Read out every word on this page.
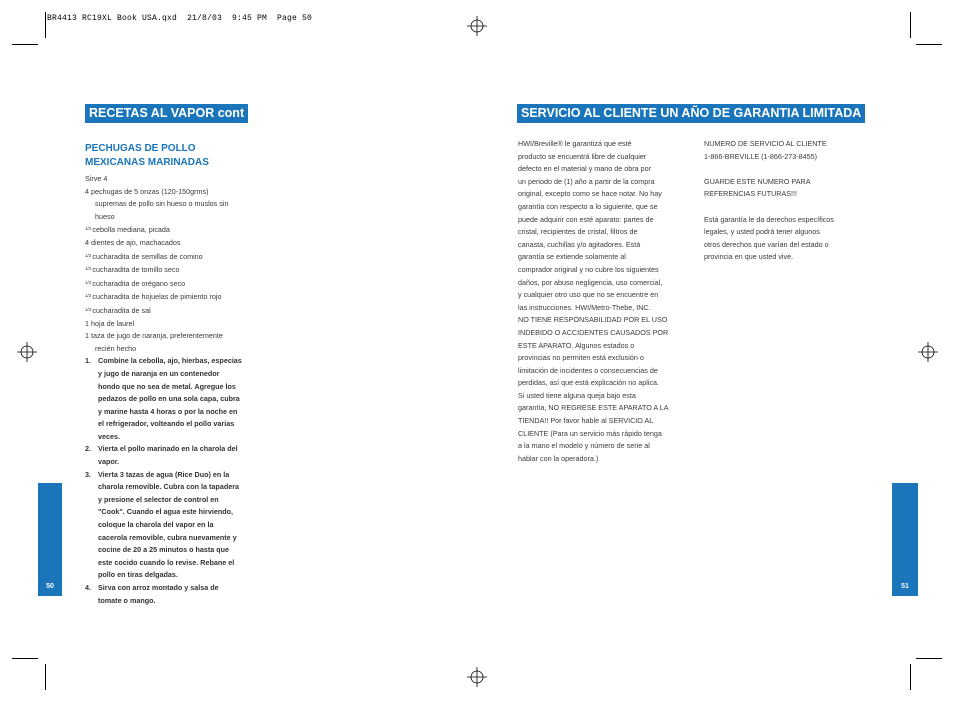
BR4413 RC19XL Book USA.qxd  21/8/03  9:45 PM  Page 50
RECETAS AL VAPOR cont
PECHUGAS DE POLLO
MEXICANAS MARINADAS
Sirve 4
4 pechugas de 5 onzas (120-150grms)
supremas de pollo sin hueso o muslos sin
hueso
$^{1/2}$cebolla mediana, picada
4 dientes de ajo, machacados
$^{1/2}$cucharadita de semillas de comino
$^{1/2}$cucharadita de tomillo seco
$^{1/2}$cucharadita de orégano seco
$^{1/2}$cucharadita de hojuelas de pimiento rojo
$^{1/2}$cucharadita de sal
1 hoja de laurel
1 taza de jugo de naranja, preferentemente
recién hecho
1. Combine la cebolla, ajo, hierbas, especias
y jugo de naranja en un contenedor
hondo que no sea de metal. Agregue los
pedazos de pollo en una sola capa, cubra
y marine hasta 4 horas o por la noche en
el refrigerador, volteando el pollo varias
veces.
2. Vierta el pollo marinado en la charola del
vapor.
3. Vierta 3 tazas de agua (Rice Duo) en la
charola removible. Cubra con la tapadera
y presione el selector de control en
"Cook". Cuando el agua este hirviendo,
coloque la charola del vapor en la
cacerola removible, cubra nuevamente y
cocine de 20 a 25 minutos o hasta que
este cocido cuando lo revise. Rebane el
pollo en tiras delgadas.
4. Sirva con arroz montado y salsa de
tomate o mango.
50
SERVICIO AL CLIENTE UN AÑO DE GARANTIA LIMITADA
HWI/Breville® le garantizá que esté
producto se encuentrá libre de cualquier
defecto en el material y mano de obra por
un periodo de (1) año a partir de la compra
original, excepto como se hace notar. No hay
garantía con respecto a lo siguiente, que se
puede adquirir con esté aparato: partes de
cristal, recipientes de cristal, filtros de
canasta, cuchillas y/o agitadores. Está
garantía se extiende solamente al
comprador original y no cubre los siguientes
daños, por abuso negligencia, uso comercial,
y cualquier otro uso que no se encuentre en
las instrucciones. HWI/Metro-Thebe, INC.
NO TIENE RESPONSABILIDAD POR EL USO
INDEBIDO O ACCIDENTES CAUSADOS POR
ESTE APARATO. Algunos estados o
provincias no permiten está exclusión o
limitación de incidentes o consecuencias de
perdidas, así que está explicación no aplica.
Si usted tiene alguna queja bajo esta
garantía, NO REGRESE ESTE APARATO A LA
TIENDA!! Por favor hable al SERVICIO AL
CLIENTE (Para un servicio más rápido tenga
a la mano el modelo y número de serie al
hablar con la operadora.)
NUMERO DE SERVICIO AL CLIENTE
1-866-BREVILLE (1-866-273-8455)
GUARDE ESTE NUMERO PARA
REFERENCIAS FUTURAS!!!
Está garantía le da derechos específicos
legales, y usted podrá tener algunos
otros derechos que varían del estado o
provincia en que usted vive.
51
